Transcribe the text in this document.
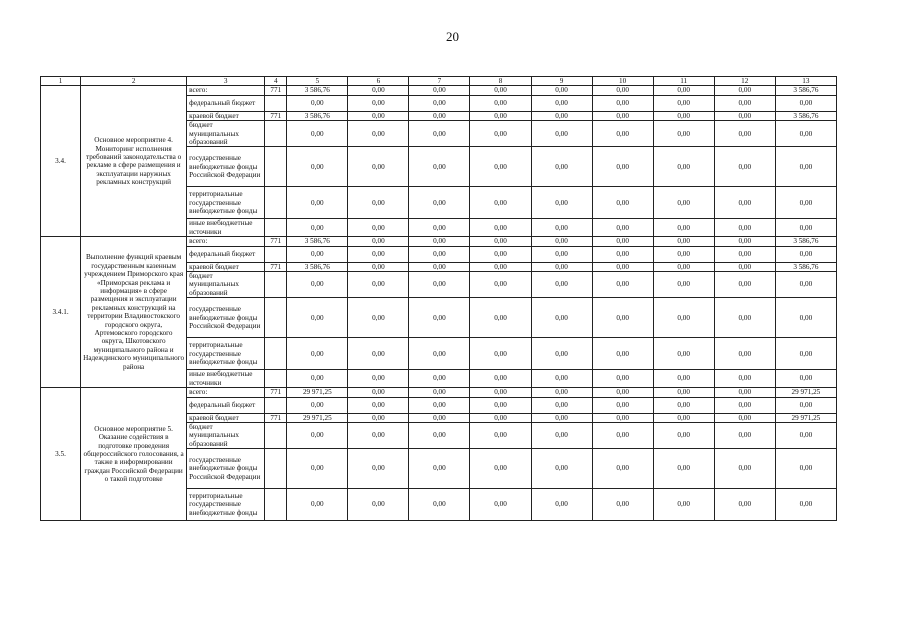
20
1	2	3	4	5	6	7	8	9	10	11	12	13
3.4.	Основное мероприятие 4. Мониторинг исполнения требований законодательства о рекламе в сфере размещения и эксплуатации наружных рекламных конструкций	всего:	771	3 586,76	0,00	0,00	0,00	0,00	0,00	0,00	0,00	3 586,76
		федеральный бюджет		0,00	0,00	0,00	0,00	0,00	0,00	0,00	0,00	0,00
		краевой бюджет	771	3 586,76	0,00	0,00	0,00	0,00	0,00	0,00	0,00	3 586,76
		бюджет муниципальных образований		0,00	0,00	0,00	0,00	0,00	0,00	0,00	0,00	0,00
		государственные внебюджетные фонды Российской Федерации		0,00	0,00	0,00	0,00	0,00	0,00	0,00	0,00	0,00
		территориальные государственные внебюджетные фонды		0,00	0,00	0,00	0,00	0,00	0,00	0,00	0,00	0,00
		иные внебюджетные источники		0,00	0,00	0,00	0,00	0,00	0,00	0,00	0,00	0,00
3.4.1.	Выполнение функций краевым государственным казенным учреждением Приморского края «Приморская реклама и информация» в сфере размещения и эксплуатации рекламных конструкций на территории Владивостокского городского округа, Артемовского городского округа, Шкотовского муниципального района и Надеждинского муниципального района	всего:	771	3 586,76	0,00	0,00	0,00	0,00	0,00	0,00	0,00	3 586,76
		федеральный бюджет		0,00	0,00	0,00	0,00	0,00	0,00	0,00	0,00	0,00
		краевой бюджет	771	3 586,76	0,00	0,00	0,00	0,00	0,00	0,00	0,00	3 586,76
		бюджет муниципальных образований		0,00	0,00	0,00	0,00	0,00	0,00	0,00	0,00	0,00
		государственные внебюджетные фонды Российской Федерации		0,00	0,00	0,00	0,00	0,00	0,00	0,00	0,00	0,00
		территориальные государственные внебюджетные фонды		0,00	0,00	0,00	0,00	0,00	0,00	0,00	0,00	0,00
		иные внебюджетные источники		0,00	0,00	0,00	0,00	0,00	0,00	0,00	0,00	0,00
3.5.	Основное мероприятие 5. Оказание содействия в подготовке проведения общероссийского голосования, а также в информировании граждан Российской Федерации о такой подготовке	всего:	771	29 971,25	0,00	0,00	0,00	0,00	0,00	0,00	0,00	29 971,25
		федеральный бюджет		0,00	0,00	0,00	0,00	0,00	0,00	0,00	0,00	0,00
		краевой бюджет	771	29 971,25	0,00	0,00	0,00	0,00	0,00	0,00	0,00	29 971,25
		бюджет муниципальных образований		0,00	0,00	0,00	0,00	0,00	0,00	0,00	0,00	0,00
		государственные внебюджетные фонды Российской Федерации		0,00	0,00	0,00	0,00	0,00	0,00	0,00	0,00	0,00
		территориальные государственные внебюджетные фонды		0,00	0,00	0,00	0,00	0,00	0,00	0,00	0,00	0,00
